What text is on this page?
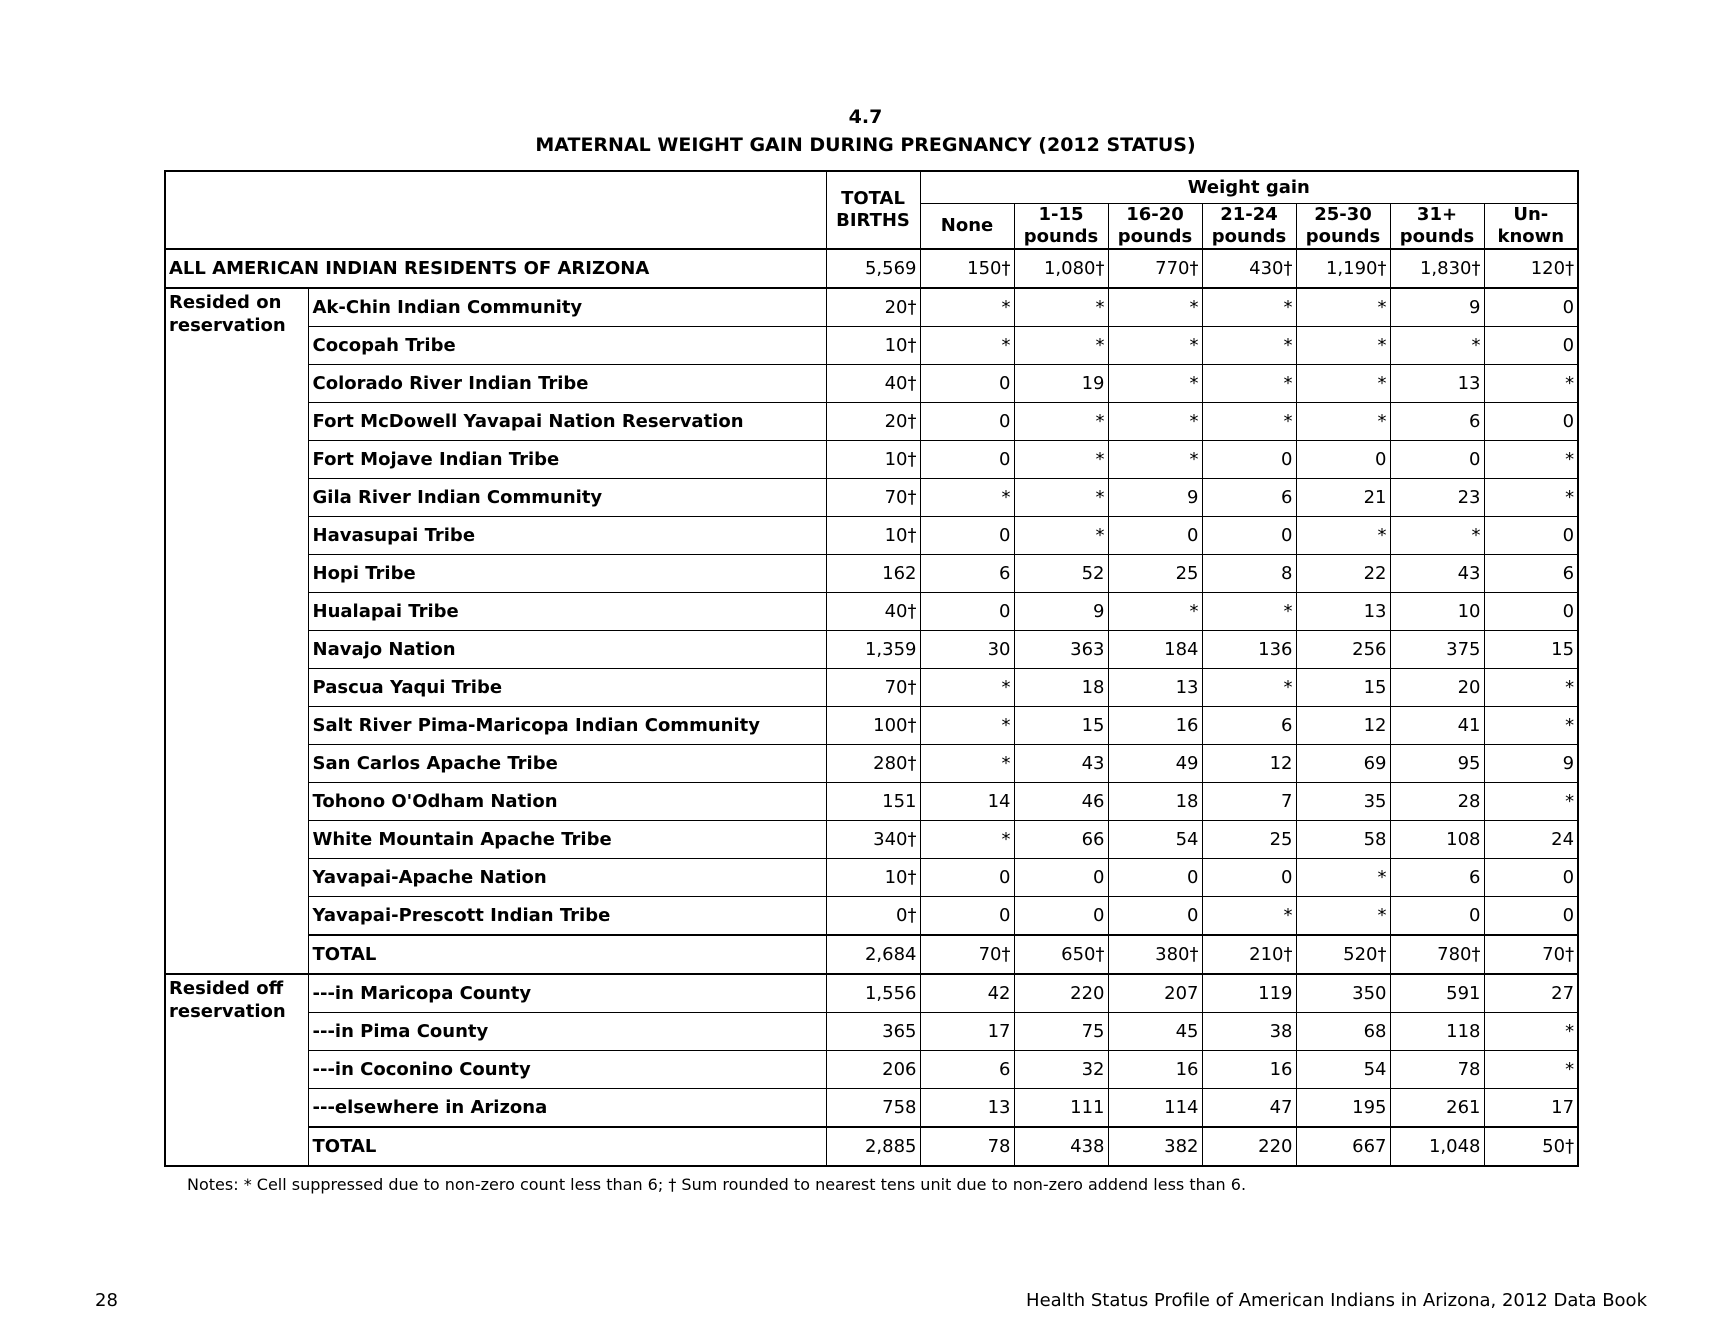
4.7
MATERNAL WEIGHT GAIN DURING PREGNANCY (2012 STATUS)
		TOTAL BIRTHS	Weight gain						
			None	1-15 pounds	16-20 pounds	21-24 pounds	25-30 pounds	31+ pounds	Un- known
ALL AMERICAN INDIAN RESIDENTS OF ARIZONA		5,569	150†	1,080†	770†	430†	1,190†	1,830†	120†
Resided on reservation	Ak-Chin Indian Community	20†	*	*	*	*	*	9	0
	Cocopah Tribe	10†	*	*	*	*	*	*	0
	Colorado River Indian Tribe	40†	0	19	*	*	*	13	*
	Fort McDowell Yavapai Nation Reservation	20†	0	*	*	*	*	6	0
	Fort Mojave Indian Tribe	10†	0	*	*	0	0	0	*
	Gila River Indian Community	70†	*	*	9	6	21	23	*
	Havasupai Tribe	10†	0	*	0	0	*	*	0
	Hopi Tribe	162	6	52	25	8	22	43	6
	Hualapai Tribe	40†	0	9	*	*	13	10	0
	Navajo Nation	1,359	30	363	184	136	256	375	15
	Pascua Yaqui Tribe	70†	*	18	13	*	15	20	*
	Salt River Pima-Maricopa Indian Community	100†	*	15	16	6	12	41	*
	San Carlos Apache Tribe	280†	*	43	49	12	69	95	9
	Tohono O'Odham Nation	151	14	46	18	7	35	28	*
	White Mountain Apache Tribe	340†	*	66	54	25	58	108	24
	Yavapai-Apache Nation	10†	0	0	0	0	*	6	0
	Yavapai-Prescott Indian Tribe	0†	0	0	0	*	*	0	0
	TOTAL	2,684	70†	650†	380†	210†	520†	780†	70†
Resided off reservation	---in Maricopa County	1,556	42	220	207	119	350	591	27
	---in Pima County	365	17	75	45	38	68	118	*
	---in Coconino County	206	6	32	16	16	54	78	*
	---elsewhere in Arizona	758	13	111	114	47	195	261	17
	TOTAL	2,885	78	438	382	220	667	1,048	50†
Notes: * Cell suppressed due to non-zero count less than 6; † Sum rounded to nearest tens unit due to non-zero addend less than 6.
28	Health Status Profile of American Indians in Arizona, 2012 Data Book
